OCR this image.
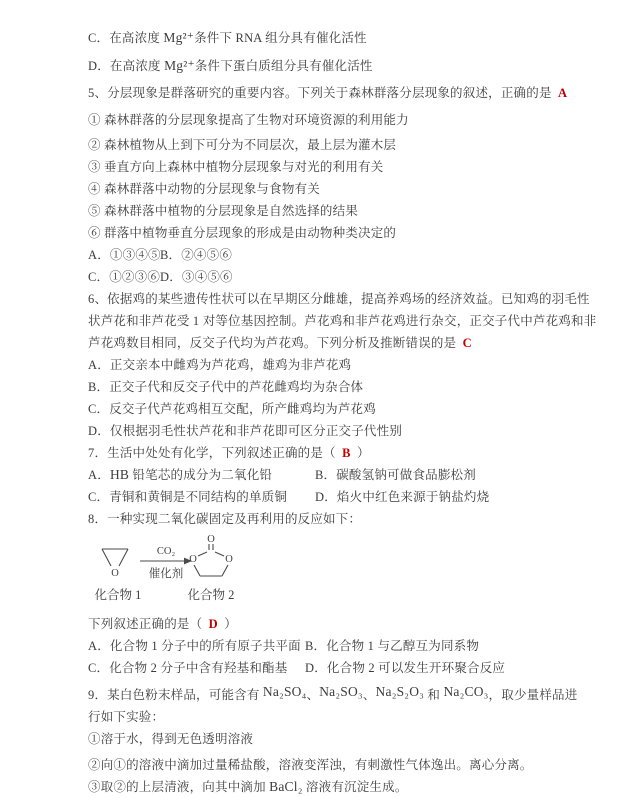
C．在高浓度 Mg²⁺条件下 RNA 组分具有催化活性
D．在高浓度 Mg²⁺条件下蛋白质组分具有催化活性
5、分层现象是群落研究的重要内容。下列关于森林群落分层现象的叙述，正确的是 A
① 森林群落的分层现象提高了生物对环境资源的利用能力
② 森林植物从上到下可分为不同层次，最上层为灌木层
③ 垂直方向上森林中植物分层现象与对光的利用有关
④ 森林群落中动物的分层现象与食物有关
⑤ 森林群落中植物的分层现象是自然选择的结果
⑥ 群落中植物垂直分层现象的形成是由动物种类决定的
A．①③④⑤ B．②④⑤⑥
C．①②③⑥ D．③④⑤⑥
6、依据鸡的某些遗传性状可以在早期区分雌雄，提高养鸡场的经济效益。已知鸡的羽毛性
状芦花和非芦花受 1 对等位基因控制。芦花鸡和非芦花鸡进行杂交，正交子代中芦花鸡和非
芦花鸡数目相同，反交子代均为芦花鸡。下列分析及推断错误的是 C
A．正交亲本中雌鸡为芦花鸡，雄鸡为非芦花鸡
B．正交子代和反交子代中的芦花雌鸡均为杂合体
C．反交子代芦花鸡相互交配，所产雌鸡均为芦花鸡
D．仅根据羽毛性状芦花和非芦花即可区分正交子代性别
7．生活中处处有化学，下列叙述正确的是（ B ）
A．HB 铅笔芯的成分为二氧化铅	B．碳酸氢钠可做食品膨松剂
C．青铜和黄铜是不同结构的单质铜	D．焰火中红色来源于钠盐灼烧
8．一种实现二氧化碳固定及再利用的反应如下：
O
CO₂
催化剂
O
O	O
化合物 1	化合物 2
下列叙述正确的是（ D ）
A．化合物 1 分子中的所有原子共平面 B．化合物 1 与乙醇互为同系物
C．化合物 2 分子中含有羟基和酯基	D．化合物 2 可以发生开环聚合反应
9．某白色粉末样品，可能含有 Na₂SO₄、Na₂SO₃、Na₂S₂O₃ 和 Na₂CO₃，取少量样品进
行如下实验：
①溶于水，得到无色透明溶液
②向①的溶液中滴加过量稀盐酸，溶液变浑浊，有刺激性气体逸出。离心分离。
③取②的上层清液，向其中滴加 BaCl₂ 溶液有沉淀生成。
